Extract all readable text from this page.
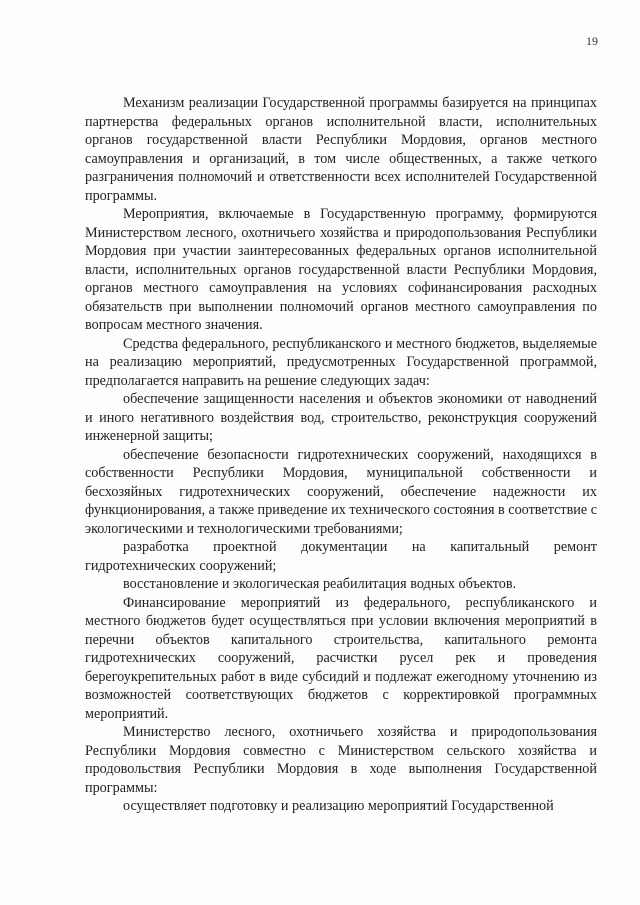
19

Механизм реализации Государственной программы базируется на принципах партнерства федеральных органов исполнительной власти, исполнительных органов государственной власти Республики Мордовия, органов местного самоуправления и организаций, в том числе общественных, а также четкого разграничения полномочий и ответственности всех исполнителей Государственной программы.

Мероприятия, включаемые в Государственную программу, формируются Министерством лесного, охотничьего хозяйства и природопользования Республики Мордовия при участии заинтересованных федеральных органов исполнительной власти, исполнительных органов государственной власти Республики Мордовия, органов местного самоуправления на условиях софинансирования расходных обязательств при выполнении полномочий органов местного самоуправления по вопросам местного значения.

Средства федерального, республиканского и местного бюджетов, выделяемые на реализацию мероприятий, предусмотренных Государственной программой, предполагается направить на решение следующих задач:

обеспечение защищенности населения и объектов экономики от наводнений и иного негативного воздействия вод, строительство, реконструкция сооружений инженерной защиты;

обеспечение безопасности гидротехнических сооружений, находящихся в собственности Республики Мордовия, муниципальной собственности и бесхозяйных гидротехнических сооружений, обеспечение надежности их функционирования, а также приведение их технического состояния в соответствие с экологическими и технологическими требованиями;

разработка проектной документации на капитальный ремонт гидротехнических сооружений;

восстановление и экологическая реабилитация водных объектов.

Финансирование мероприятий из федерального, республиканского и местного бюджетов будет осуществляться при условии включения мероприятий в перечни объектов капитального строительства, капитального ремонта гидротехнических сооружений, расчистки русел рек и проведения берегоукрепительных работ в виде субсидий и подлежат ежегодному уточнению из возможностей соответствующих бюджетов с корректировкой программных мероприятий.

Министерство лесного, охотничьего хозяйства и природопользования Республики Мордовия совместно с Министерством сельского хозяйства и продовольствия Республики Мордовия в ходе выполнения Государственной программы:

осуществляет подготовку и реализацию мероприятий Государственной
